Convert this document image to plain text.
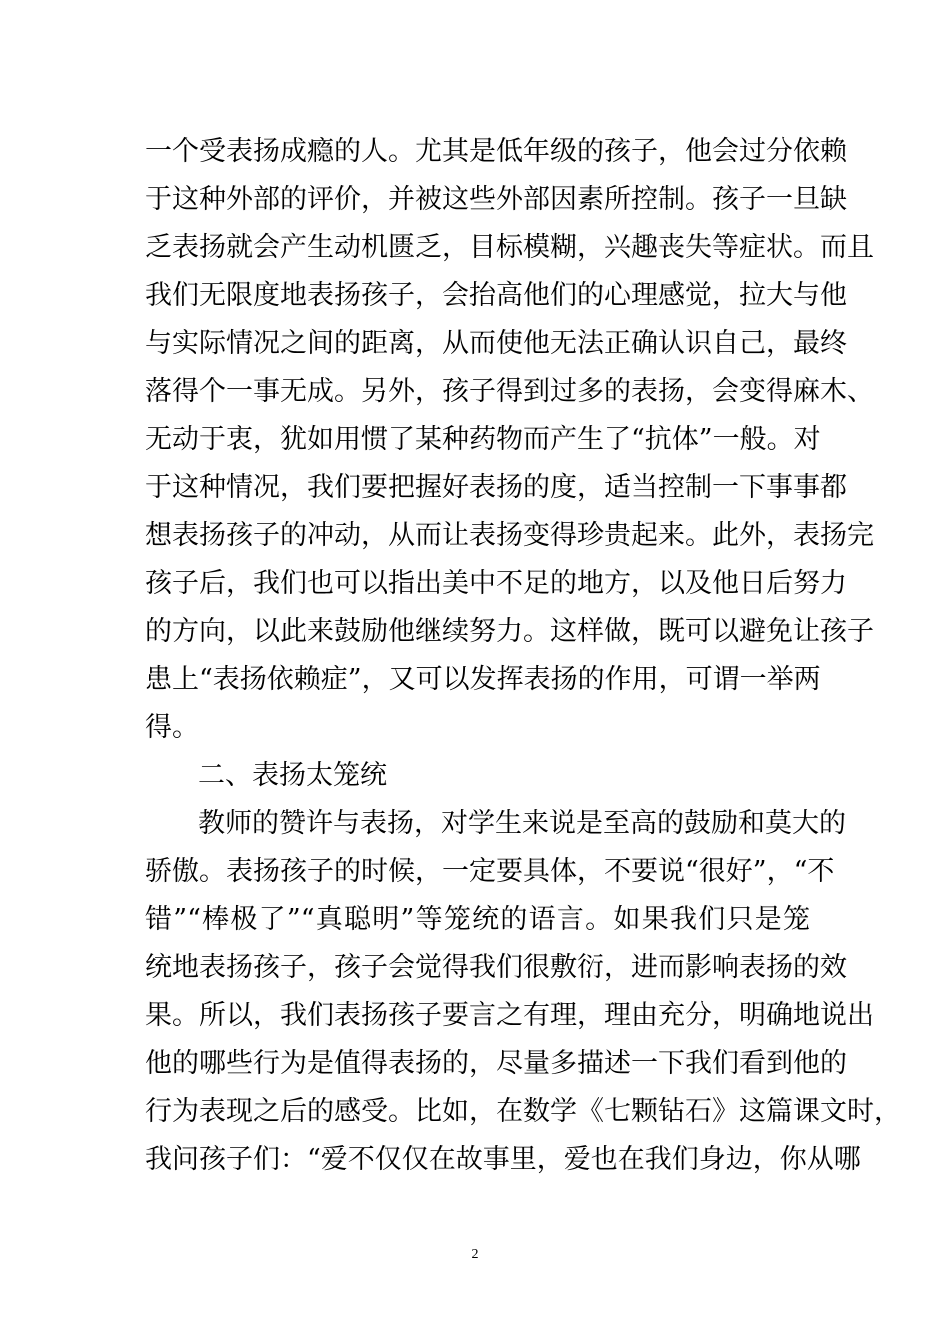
一个受表扬成瘾的人。尤其是低年级的孩子，他会过分依赖
于这种外部的评价，并被这些外部因素所控制。孩子一旦缺
乏表扬就会产生动机匮乏，目标模糊，兴趣丧失等症状。而且
我们无限度地表扬孩子，会抬高他们的心理感觉，拉大与他
与实际情况之间的距离，从而使他无法正确认识自己，最终
落得个一事无成。另外，孩子得到过多的表扬，会变得麻木、
无动于衷，犹如用惯了某种药物而产生了“抗体”一般。对
于这种情况，我们要把握好表扬的度，适当控制一下事事都
想表扬孩子的冲动，从而让表扬变得珍贵起来。此外，表扬完
孩子后，我们也可以指出美中不足的地方，以及他日后努力
的方向，以此来鼓励他继续努力。这样做，既可以避免让孩子
患上“表扬依赖症”，又可以发挥表扬的作用，可谓一举两
得。
二、表扬太笼统
教师的赞许与表扬，对学生来说是至高的鼓励和莫大的
骄傲。表扬孩子的时候，一定要具体，不要说“很好”，“不
错”“棒极了”“真聪明”等笼统的语言。如果我们只是笼
统地表扬孩子，孩子会觉得我们很敷衍，进而影响表扬的效
果。所以，我们表扬孩子要言之有理，理由充分，明确地说出
他的哪些行为是值得表扬的，尽量多描述一下我们看到他的
行为表现之后的感受。比如，在数学《七颗钻石》这篇课文时，
我问孩子们：“爱不仅仅在故事里，爱也在我们身边，你从哪
2
